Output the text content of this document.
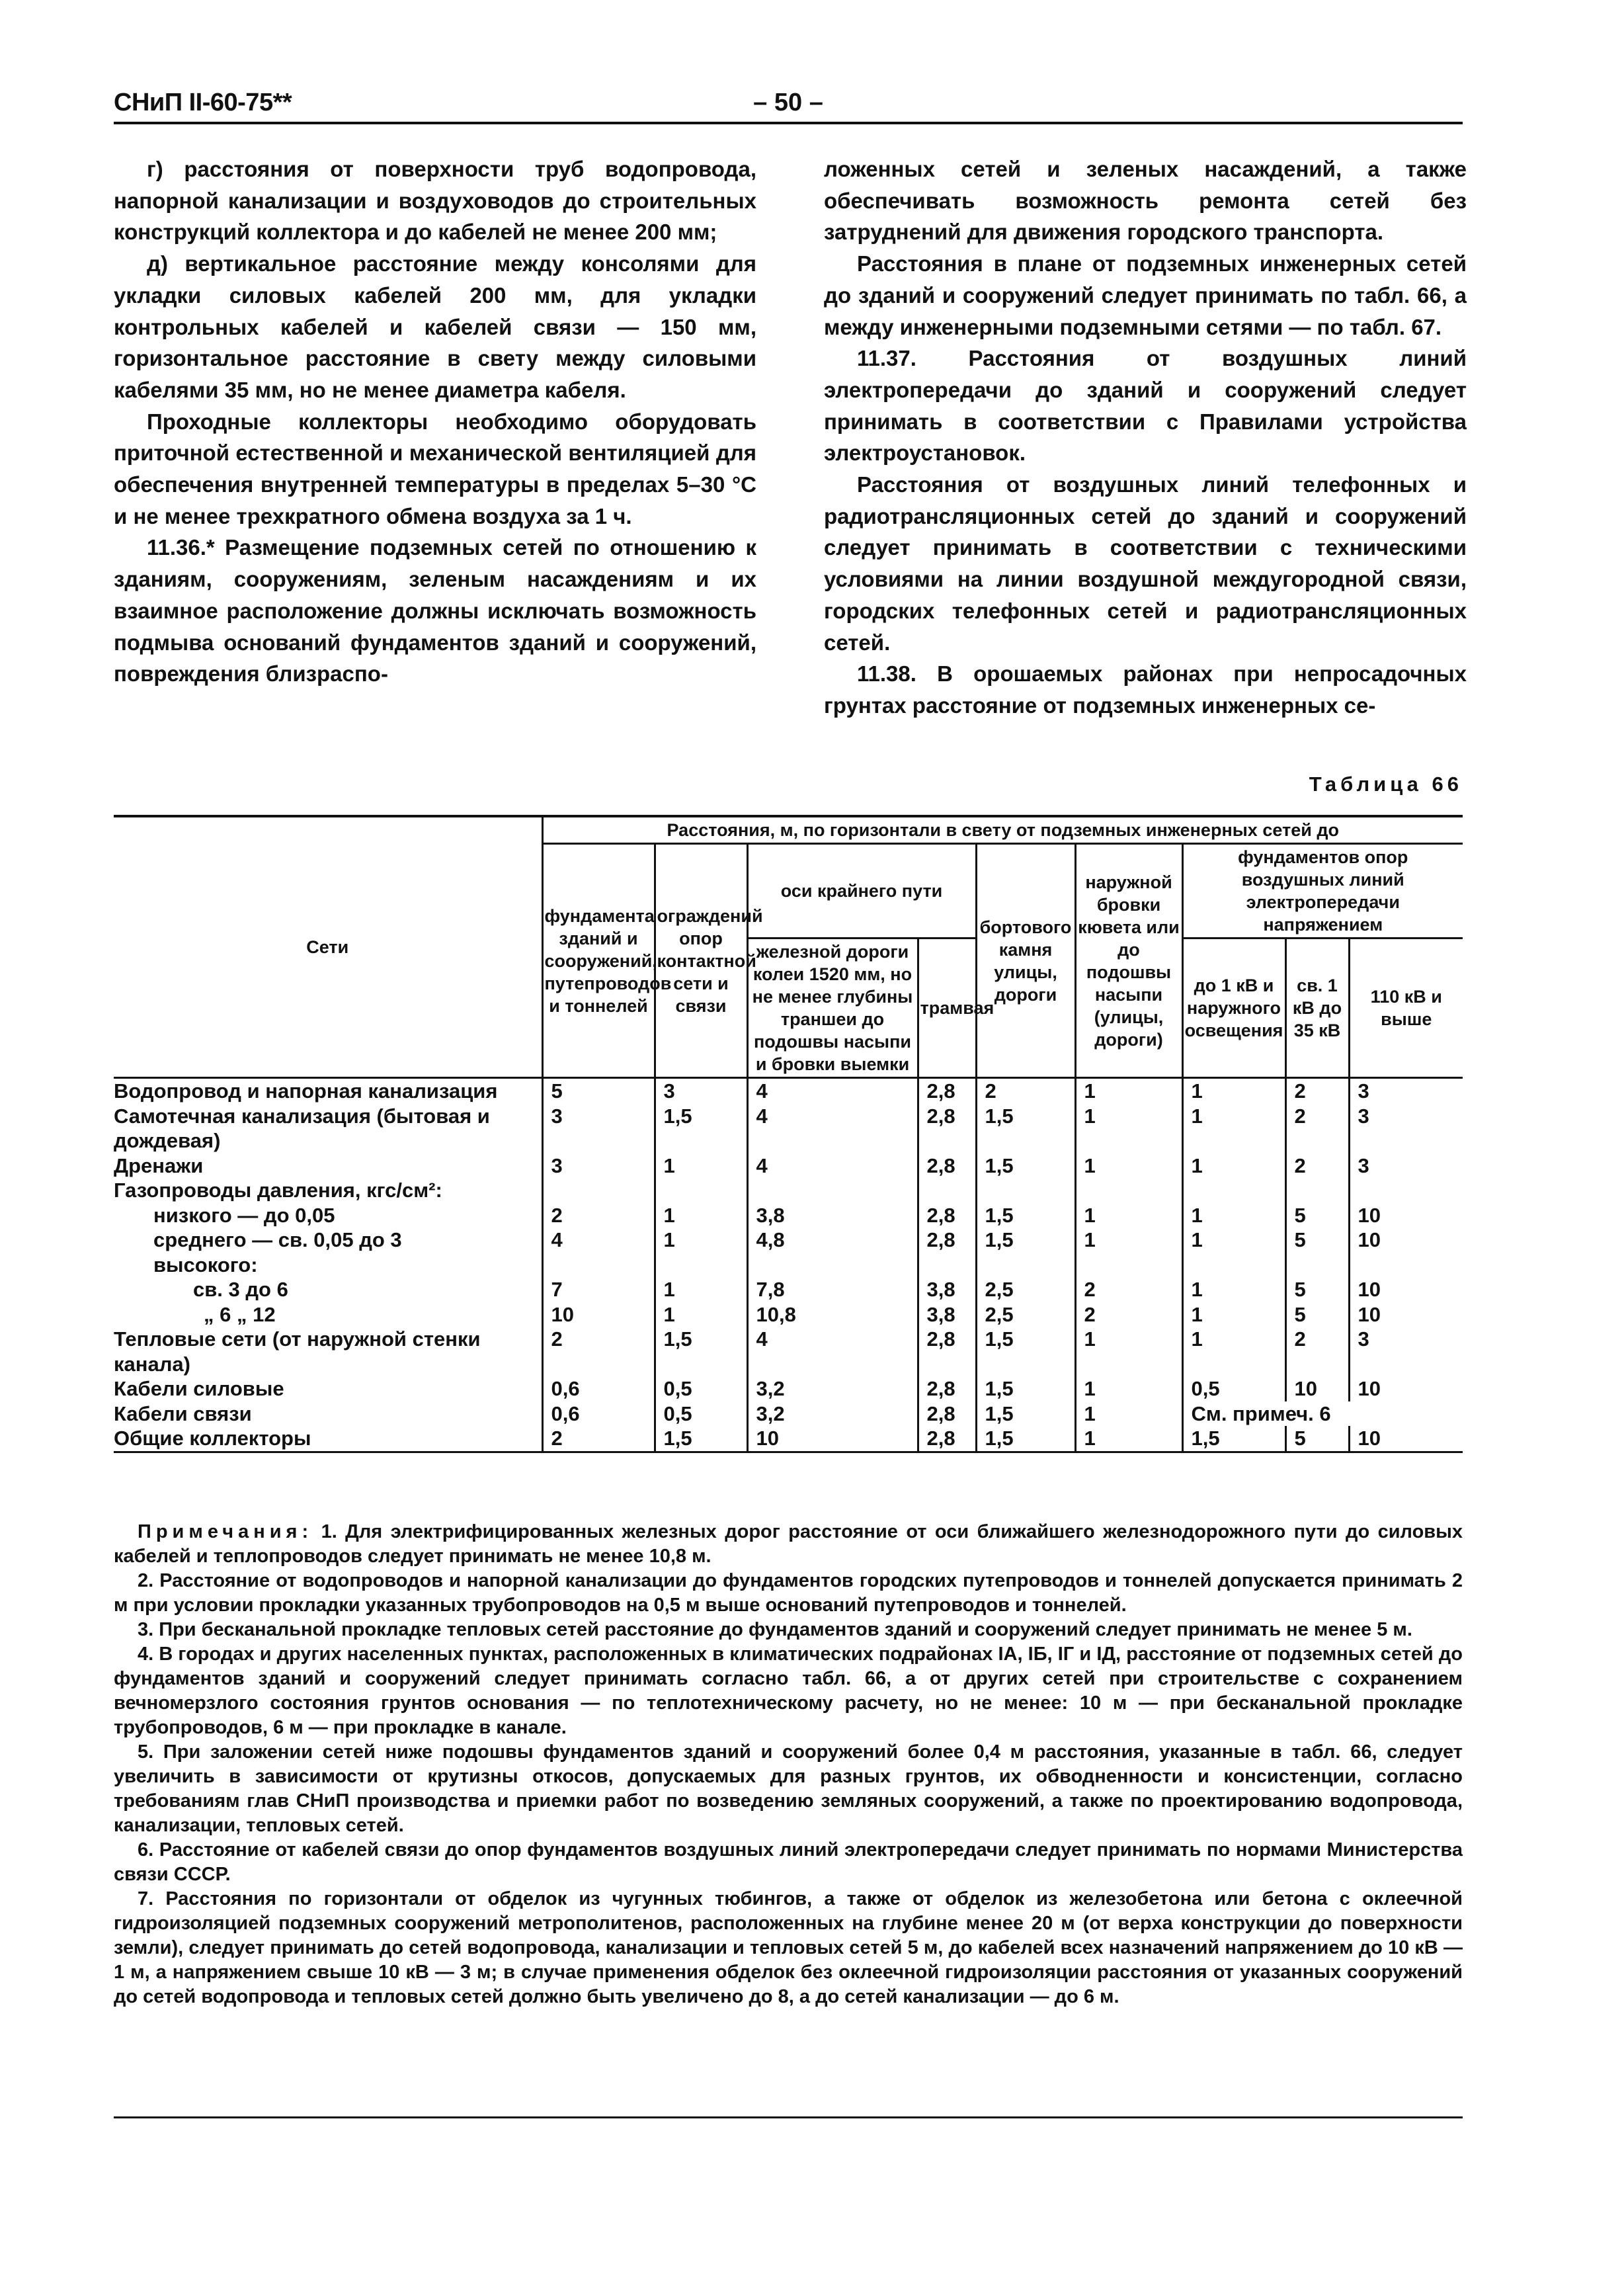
СНиП II-60-75**	– 50 –

г) расстояния от поверхности труб водопровода, напорной канализации и воздуховодов до строительных конструкций коллектора и до кабелей не менее 200 мм;

д) вертикальное расстояние между консолями для укладки силовых кабелей 200 мм, для укладки контрольных кабелей и кабелей связи — 150 мм, горизонтальное расстояние в свету между силовыми кабелями 35 мм, но не менее диаметра кабеля.

Проходные коллекторы необходимо оборудовать приточной естественной и механической вентиляцией для обеспечения внутренней температуры в пределах 5–30 °С и не менее трехкратного обмена воздуха за 1 ч.

11.36.* Размещение подземных сетей по отношению к зданиям, сооружениям, зеленым насаждениям и их взаимное расположение должны исключать возможность подмыва оснований фундаментов зданий и сооружений, повреждения близраспо-

ложенных сетей и зеленых насаждений, а также обеспечивать возможность ремонта сетей без затруднений для движения городского транспорта.

Расстояния в плане от подземных инженерных сетей до зданий и сооружений следует принимать по табл. 66, а между инженерными подземными сетями — по табл. 67.

11.37. Расстояния от воздушных линий электропередачи до зданий и сооружений следует принимать в соответствии с Правилами устройства электроустановок.

Расстояния от воздушных линий телефонных и радиотрансляционных сетей до зданий и сооружений следует принимать в соответствии с техническими условиями на линии воздушной междугородной связи, городских телефонных сетей и радиотрансляционных сетей.

11.38. В орошаемых районах при непросадочных грунтах расстояние от подземных инженерных се-

Таблица 66
Сети	Расстояния, м, по горизонтали в свету от подземных инженерных сетей до								
	фундамента зданий и сооружений, путепроводов и тоннелей	ограждений опор контактной сети и связи	оси крайнего пути		бортового камня улицы, дороги	наружной бровки кювета или до подошвы насыпи (улицы, дороги)	фундаментов опор воздушных линий электропередачи напряжением		
			железной дороги колеи 1520 мм, но не менее глубины траншеи до подошвы насыпи и бровки выемки	трамвая			до 1 кВ и наружного освещения	св. 1 кВ до 35 кВ	110 кВ и выше

Водопровод и напорная канализация	5	3	4	2,8	2	1	1	2	3
Самотечная канализация (бытовая и дождевая)	3	1,5	4	2,8	1,5	1	1	2	3
Дренажи	3	1	4	2,8	1,5	1	1	2	3
Газопроводы давления, кгс/см²:									
низкого — до 0,05	2	1	3,8	2,8	1,5	1	1	5	10
среднего — св. 0,05 до 3	4	1	4,8	2,8	1,5	1	1	5	10
высокого:									
св. 3 до 6	7	1	7,8	3,8	2,5	2	1	5	10
„ 6 „ 12	10	1	10,8	3,8	2,5	2	1	5	10
Тепловые сети (от наружной стенки канала)	2	1,5	4	2,8	1,5	1	1	2	3
Кабели силовые	0,6	0,5	3,2	2,8	1,5	1	0,5	10	10
Кабели связи	0,6	0,5	3,2	2,8	1,5	1	См. примеч. 6		
Общие коллекторы	2	1,5	10	2,8	1,5	1	1,5	5	10

Примечания: 1. Для электрифицированных железных дорог расстояние от оси ближайшего железнодорожного пути до силовых кабелей и теплопроводов следует принимать не менее 10,8 м.

2. Расстояние от водопроводов и напорной канализации до фундаментов городских путепроводов и тоннелей допускается принимать 2 м при условии прокладки указанных трубопроводов на 0,5 м выше оснований путепроводов и тоннелей.

3. При бесканальной прокладке тепловых сетей расстояние до фундаментов зданий и сооружений следует принимать не менее 5 м.

4. В городах и других населенных пунктах, расположенных в климатических подрайонах IА, IБ, IГ и IД, расстояние от подземных сетей до фундаментов зданий и сооружений следует принимать согласно табл. 66, а от других сетей при строительстве с сохранением вечномерзлого состояния грунтов основания — по теплотехническому расчету, но не менее: 10 м — при бесканальной прокладке трубопроводов, 6 м — при прокладке в канале.

5. При заложении сетей ниже подошвы фундаментов зданий и сооружений более 0,4 м расстояния, указанные в табл. 66, следует увеличить в зависимости от крутизны откосов, допускаемых для разных грунтов, их обводненности и консистенции, согласно требованиям глав СНиП производства и приемки работ по возведению земляных сооружений, а также по проектированию водопровода, канализации, тепловых сетей.

6. Расстояние от кабелей связи до опор фундаментов воздушных линий электропередачи следует принимать по нормами Министерства связи СССР.

7. Расстояния по горизонтали от обделок из чугунных тюбингов, а также от обделок из железобетона или бетона с оклеечной гидроизоляцией подземных сооружений метрополитенов, расположенных на глубине менее 20 м (от верха конструкции до поверхности земли), следует принимать до сетей водопровода, канализации и тепловых сетей 5 м, до кабелей всех назначений напряжением до 10 кВ — 1 м, а напряжением свыше 10 кВ — 3 м; в случае применения обделок без оклеечной гидроизоляции расстояния от указанных сооружений до сетей водопровода и тепловых сетей должно быть увеличено до 8, а до сетей канализации — до 6 м.
